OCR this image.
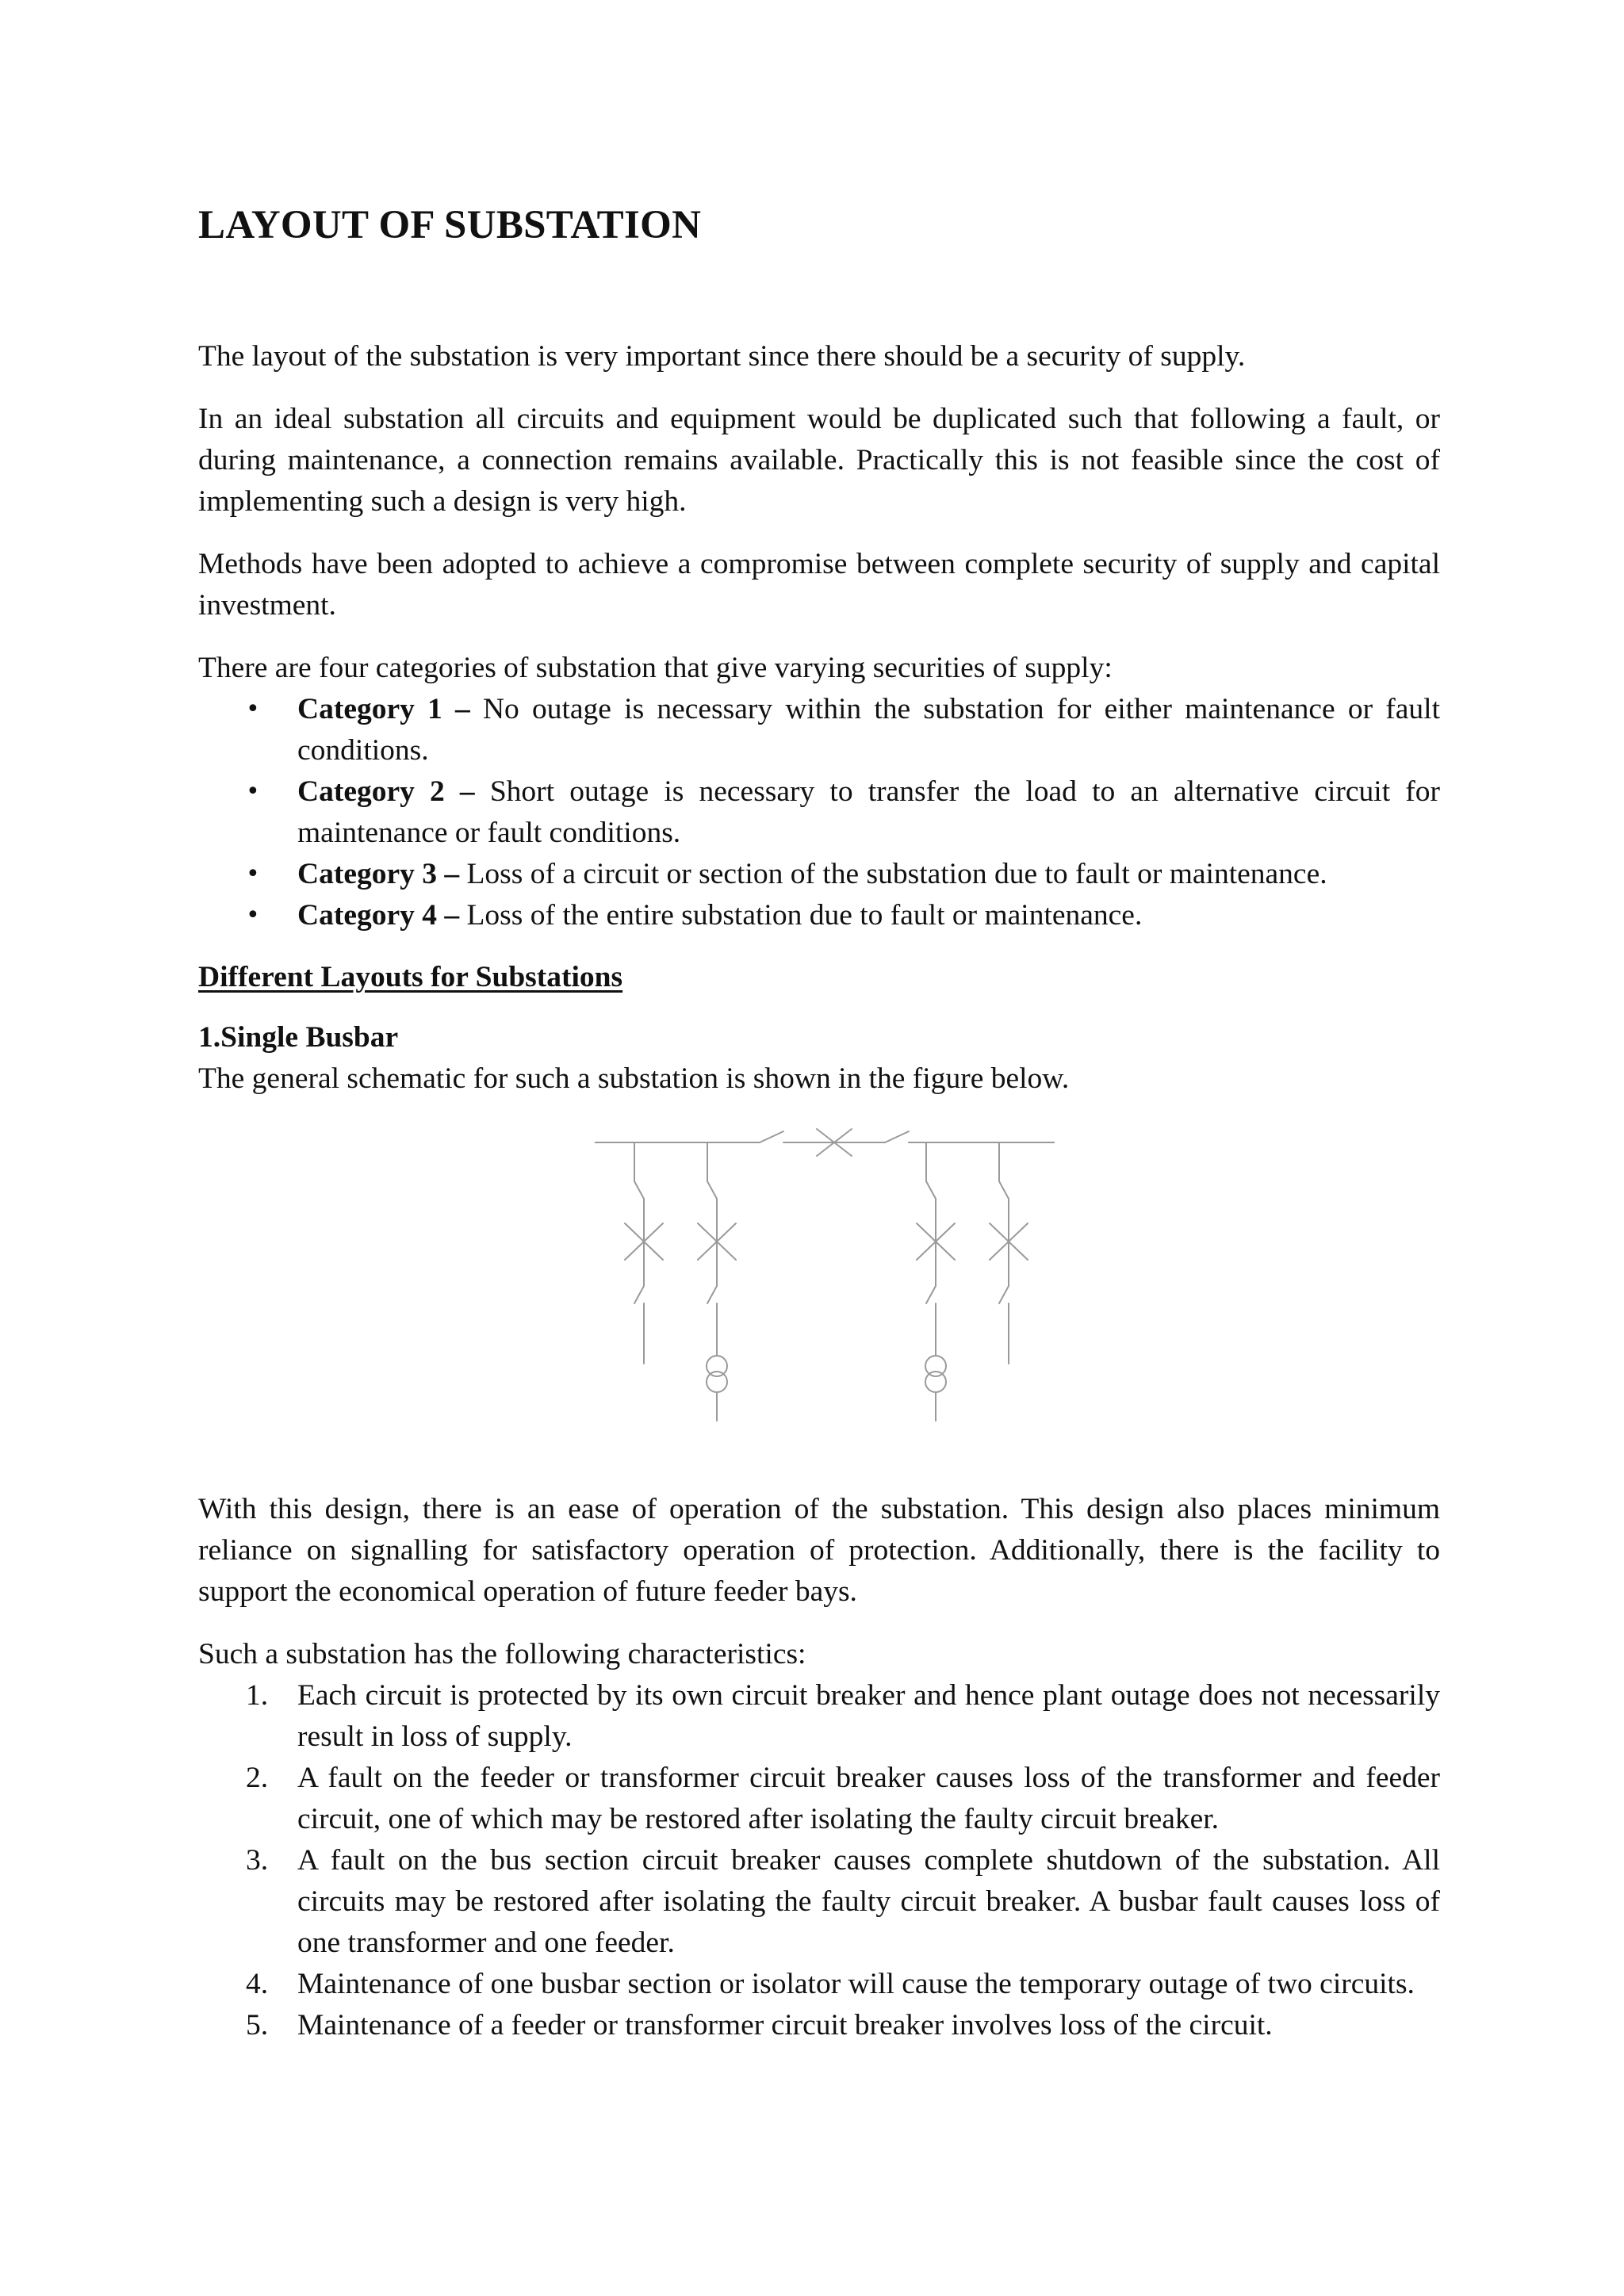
LAYOUT OF SUBSTATION

The layout of the substation is very important since there should be a security of supply.

In an ideal substation all circuits and equipment would be duplicated such that following a fault, or during maintenance, a connection remains available. Practically this is not feasible since the cost of implementing such a design is very high.

Methods have been adopted to achieve a compromise between complete security of supply and capital investment.

There are four categories of substation that give varying securities of supply:

• Category 1 – No outage is necessary within the substation for either maintenance or fault conditions.
• Category 2 – Short outage is necessary to transfer the load to an alternative circuit for maintenance or fault conditions.
• Category 3 – Loss of a circuit or section of the substation due to fault or maintenance.
• Category 4 – Loss of the entire substation due to fault or maintenance.
Different Layouts for Substations
1.Single Busbar
The general schematic for such a substation is shown in the figure below.

With this design, there is an ease of operation of the substation. This design also places minimum reliance on signalling for satisfactory operation of protection. Additionally, there is the facility to support the economical operation of future feeder bays.

Such a substation has the following characteristics:
1. Each circuit is protected by its own circuit breaker and hence plant outage does not necessarily result in loss of supply.
2. A fault on the feeder or transformer circuit breaker causes loss of the transformer and feeder circuit, one of which may be restored after isolating the faulty circuit breaker.
3. A fault on the bus section circuit breaker causes complete shutdown of the substation. All circuits may be restored after isolating the faulty circuit breaker. A busbar fault causes loss of one transformer and one feeder.
4. Maintenance of one busbar section or isolator will cause the temporary outage of two circuits.
5. Maintenance of a feeder or transformer circuit breaker involves loss of the circuit.
